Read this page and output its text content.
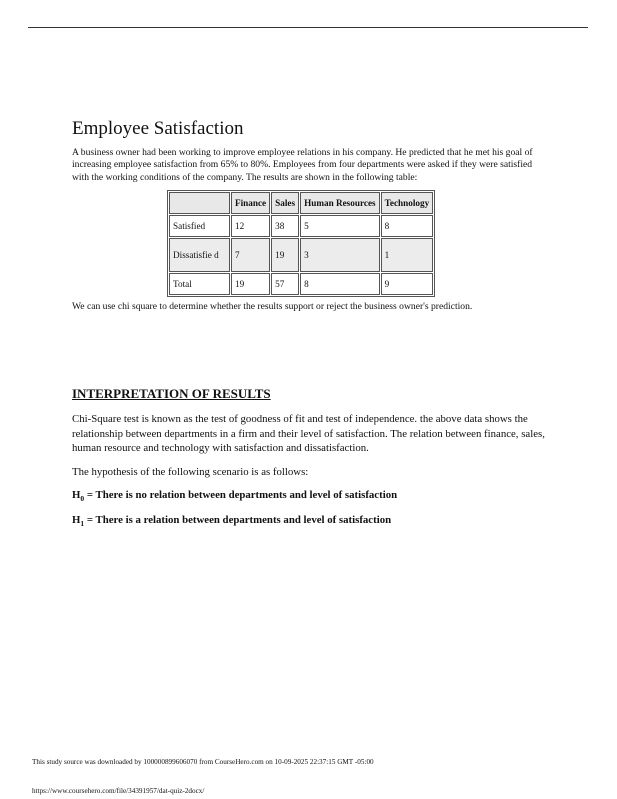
Employee Satisfaction

A business owner had been working to improve employee relations in his company. He predicted that he met his goal of increasing employee satisfaction from 65% to 80%. Employees from four departments were asked if they were satisfied with the working conditions of the company. The results are shown in the following table:

	Finance	Sales	Human Resources	Technology
Satisfied	12	38	5	8
Dissatisfie d	7	19	3	1
Total	19	57	8	9

We can use chi square to determine whether the results support or reject the business owner's prediction.

INTERPRETATION OF RESULTS

Chi-Square test is known as the test of goodness of fit and test of independence. the above data shows the relationship between departments in a firm and their level of satisfaction. The relation between finance, sales, human resource and technology with satisfaction and dissatisfaction.

The hypothesis of the following scenario is as follows:

$H_0$ = There is no relation between departments and level of satisfaction

$H_1$ = There is a relation between departments and level of satisfaction

This study source was downloaded by 100000899606070 from CourseHero.com on 10-09-2025 22:37:15 GMT -05:00
https://www.coursehero.com/file/34391957/dat-quiz-2docx/
